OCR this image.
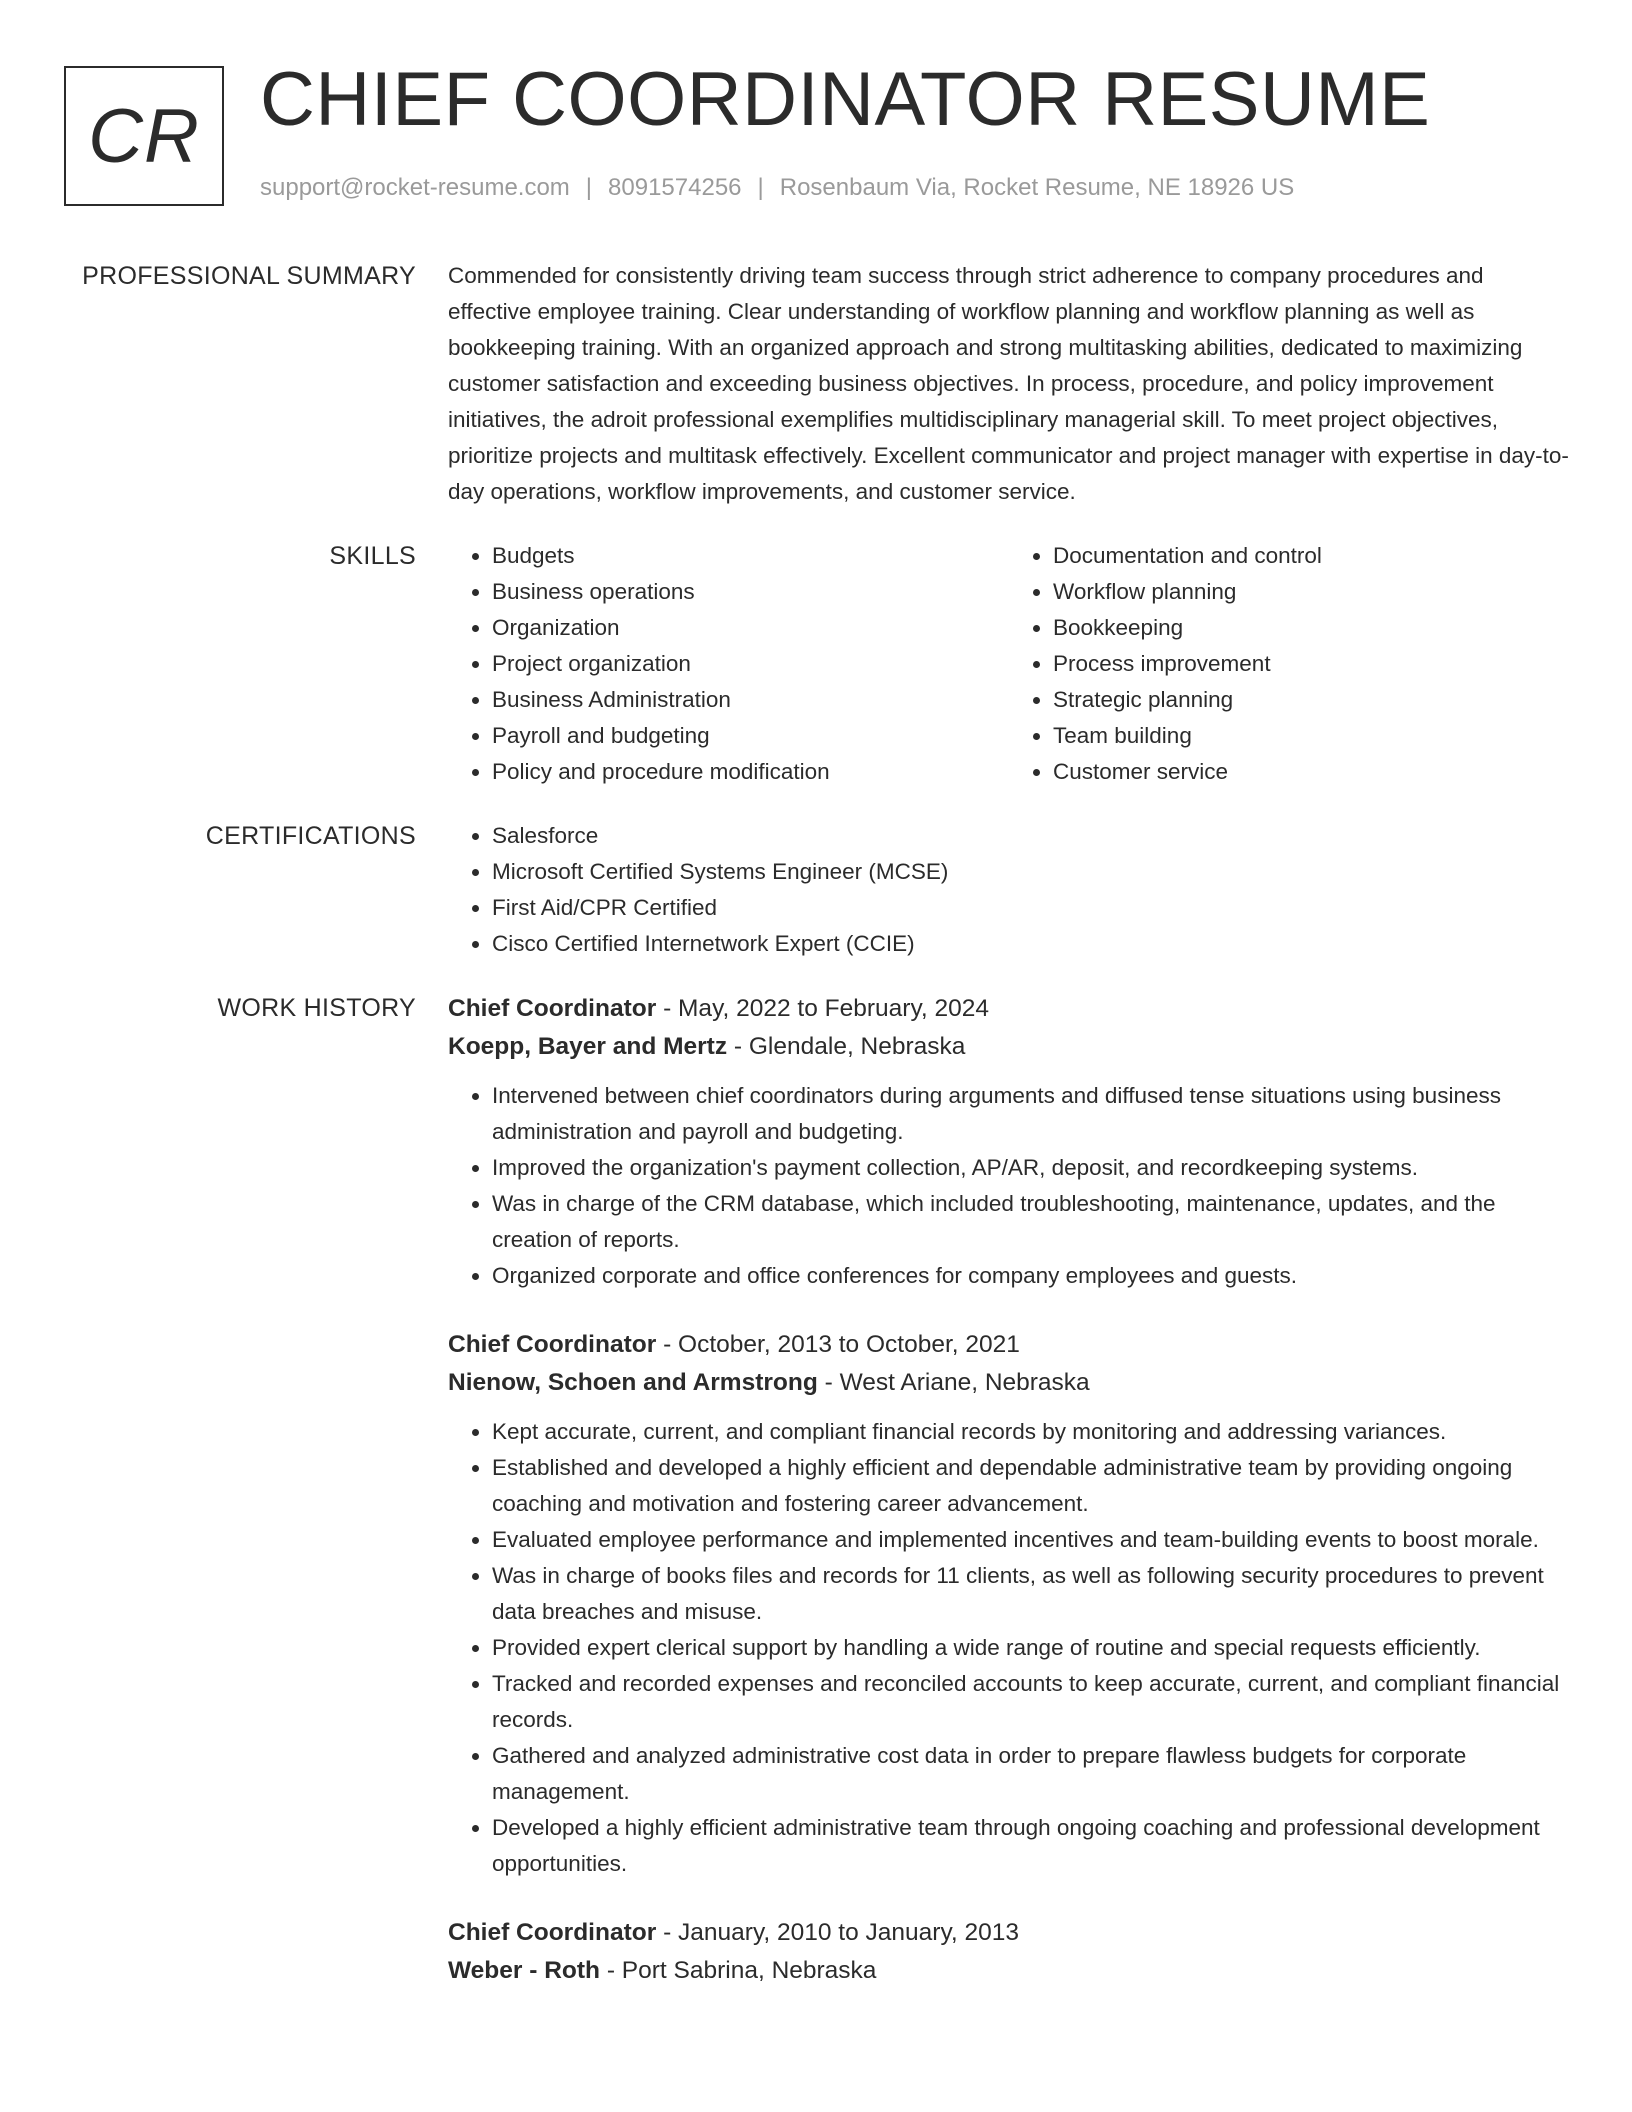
CR CHIEF COORDINATOR RESUME
support@rocket-resume.com | 8091574256 | Rosenbaum Via, Rocket Resume, NE 18926 US
PROFESSIONAL SUMMARY Commended for consistently driving team success through strict adherence to company procedures and effective employee training. Clear understanding of workflow planning and workflow planning as well as bookkeeping training. With an organized approach and strong multitasking abilities, dedicated to maximizing customer satisfaction and exceeding business objectives. In process, procedure, and policy improvement initiatives, the adroit professional exemplifies multidisciplinary managerial skill. To meet project objectives, prioritize projects and multitask effectively. Excellent communicator and project manager with expertise in day-to-day operations, workflow improvements, and customer service.

SKILLS	• Budgets
• Business operations
• Organization
• Project organization
• Business Administration
• Payroll and budgeting
• Policy and procedure modification
• Documentation and control
• Workflow planning
• Bookkeeping
• Process improvement
• Strategic planning
• Team building
• Customer service
CERTIFICATIONS	• Salesforce
• Microsoft Certified Systems Engineer (MCSE)
• First Aid/CPR Certified
• Cisco Certified Internetwork Expert (CCIE)
WORK HISTORY Chief Coordinator - May, 2022 to February, 2024
Koepp, Bayer and Mertz - Glendale, Nebraska
• Intervened between chief coordinators during arguments and diffused tense situations using business administration and payroll and budgeting.
• Improved the organization's payment collection, AP/AR, deposit, and recordkeeping systems.
• Was in charge of the CRM database, which included troubleshooting, maintenance, updates, and the creation of reports.
• Organized corporate and office conferences for company employees and guests.
Chief Coordinator - October, 2013 to October, 2021
Nienow, Schoen and Armstrong - West Ariane, Nebraska
• Kept accurate, current, and compliant financial records by monitoring and addressing variances.
• Established and developed a highly efficient and dependable administrative team by providing ongoing coaching and motivation and fostering career advancement.
• Evaluated employee performance and implemented incentives and team-building events to boost morale.
• Was in charge of books files and records for 11 clients, as well as following security procedures to prevent data breaches and misuse.
• Provided expert clerical support by handling a wide range of routine and special requests efficiently.
• Tracked and recorded expenses and reconciled accounts to keep accurate, current, and compliant financial records.
• Gathered and analyzed administrative cost data in order to prepare flawless budgets for corporate management.
• Developed a highly efficient administrative team through ongoing coaching and professional development opportunities.
Chief Coordinator - January, 2010 to January, 2013
Weber - Roth - Port Sabrina, Nebraska
